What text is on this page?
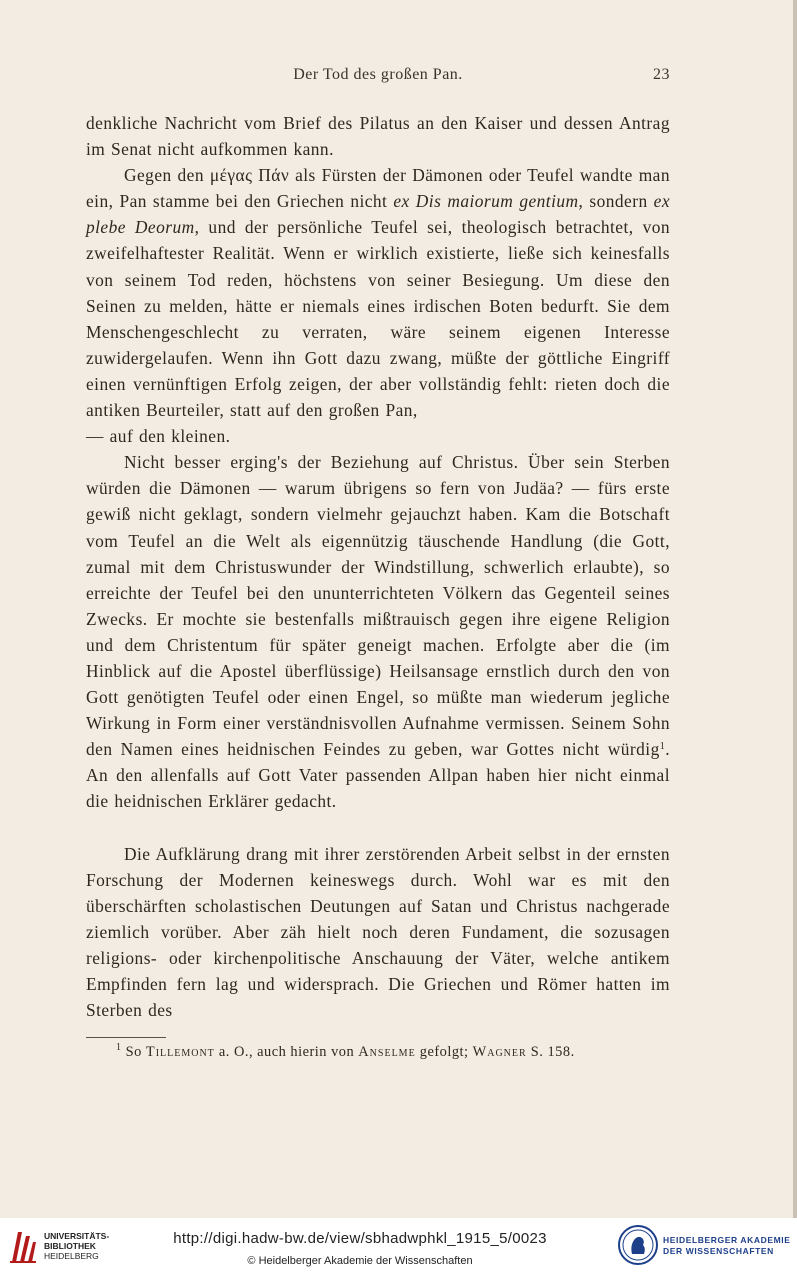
Der Tod des großen Pan.	23

denkliche Nachricht vom Brief des Pilatus an den Kaiser und dessen Antrag im Senat nicht aufkommen kann.

Gegen den μέγας Πάν als Fürsten der Dämonen oder Teufel wandte man ein, Pan stamme bei den Griechen nicht ex Dis maiorum gentium, sondern ex plebe Deorum, und der persönliche Teufel sei, theologisch betrachtet, von zweifelhaftester Realität. Wenn er wirklich existierte, ließe sich keinesfalls von seinem Tod reden, höchstens von seiner Besiegung. Um diese den Seinen zu melden, hätte er niemals eines irdischen Boten bedurft. Sie dem Menschengeschlecht zu verraten, wäre seinem eigenen Interesse zuwidergelaufen. Wenn ihn Gott dazu zwang, müßte der göttliche Eingriff einen vernünftigen Erfolg zeigen, der aber vollständig fehlt: rieten doch die antiken Beurteiler, statt auf den großen Pan,

— auf den kleinen.

Nicht besser erging's der Beziehung auf Christus. Über sein Sterben würden die Dämonen — warum übrigens so fern von Judäa? — fürs erste gewiß nicht geklagt, sondern vielmehr gejauchzt haben. Kam die Botschaft vom Teufel an die Welt als eigennützig täuschende Handlung (die Gott, zumal mit dem Christuswunder der Windstillung, schwerlich erlaubte), so erreichte der Teufel bei den ununterrichteten Völkern das Gegenteil seines Zwecks. Er mochte sie bestenfalls mißtrauisch gegen ihre eigene Religion und dem Christentum für später geneigt machen. Erfolgte aber die (im Hinblick auf die Apostel überflüssige) Heilsansage ernstlich durch den von Gott genötigten Teufel oder einen Engel, so müßte man wiederum jegliche Wirkung in Form einer verständnisvollen Aufnahme vermissen. Seinem Sohn den Namen eines heidnischen Feindes zu geben, war Gottes nicht würdig$^1$. An den allenfalls auf Gott Vater passenden Allpan haben hier nicht einmal die heidnischen Erklärer gedacht.

Die Aufklärung drang mit ihrer zerstörenden Arbeit selbst in der ernsten Forschung der Modernen keineswegs durch. Wohl war es mit den überschärften scholastischen Deutungen auf Satan und Christus nachgerade ziemlich vorüber. Aber zäh hielt noch deren Fundament, die sozusagen religions- oder kirchenpolitische Anschauung der Väter, welche antikem Empfinden fern lag und widersprach. Die Griechen und Römer hatten im Sterben des

$^1$ So Tillemont a. O., auch hierin von Anselme gefolgt; Wagner S. 158.

UNIVERSITÄTS-
BIBLIOTHEK
HEIDELBERG
http://digi.hadw-bw.de/view/sbhadwphkl_1915_5/0023
© Heidelberger Akademie der Wissenschaften
HEIDELBERGER AKADEMIE
DER WISSENSCHAFTEN
